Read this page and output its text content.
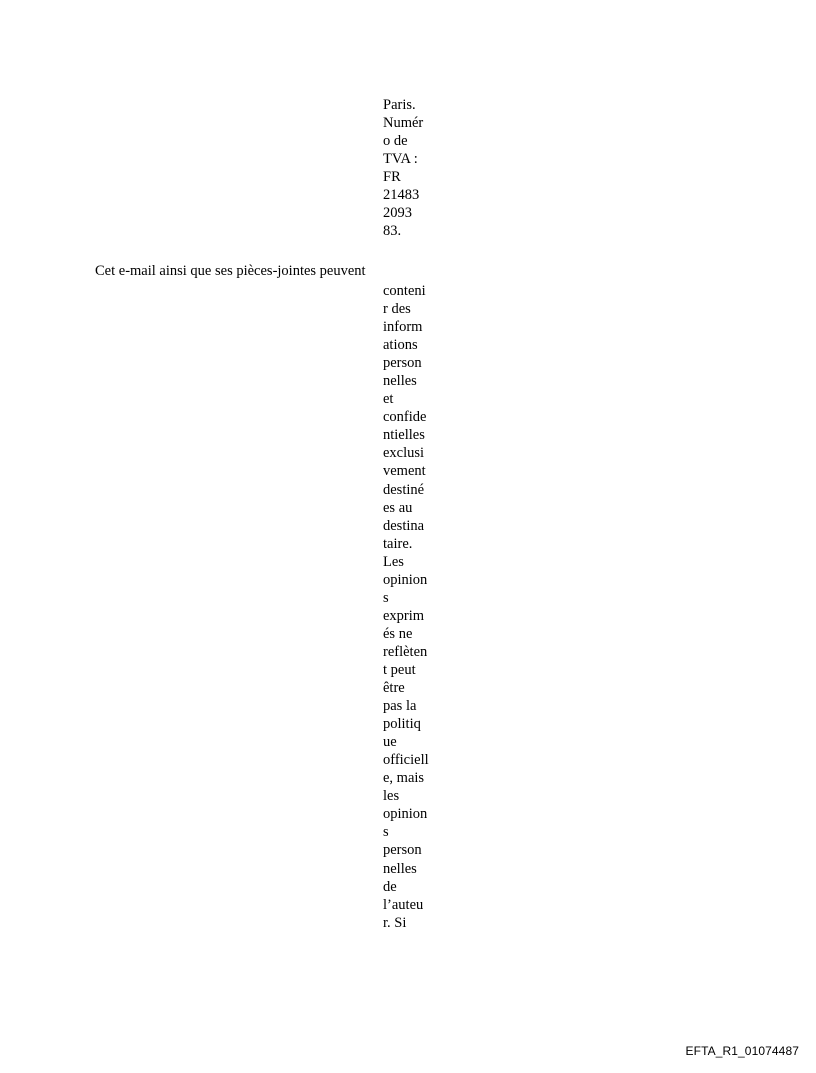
Paris.
Numér
o de
TVA :
FR
21483
2093
83.
Cet e-mail ainsi que ses pièces-jointes peuvent
conteni
r des
inform
ations
person
nelles
et
confide
ntielles
exclusi
vement
destiné
es au
destina
taire.
Les
opinion
s
exprim
és ne
reflèten
t peut
être
pas la
politiq
ue
officiell
e, mais
les
opinion
s
person
nelles
de
l’auteu
r. Si
EFTA_R1_01074487
